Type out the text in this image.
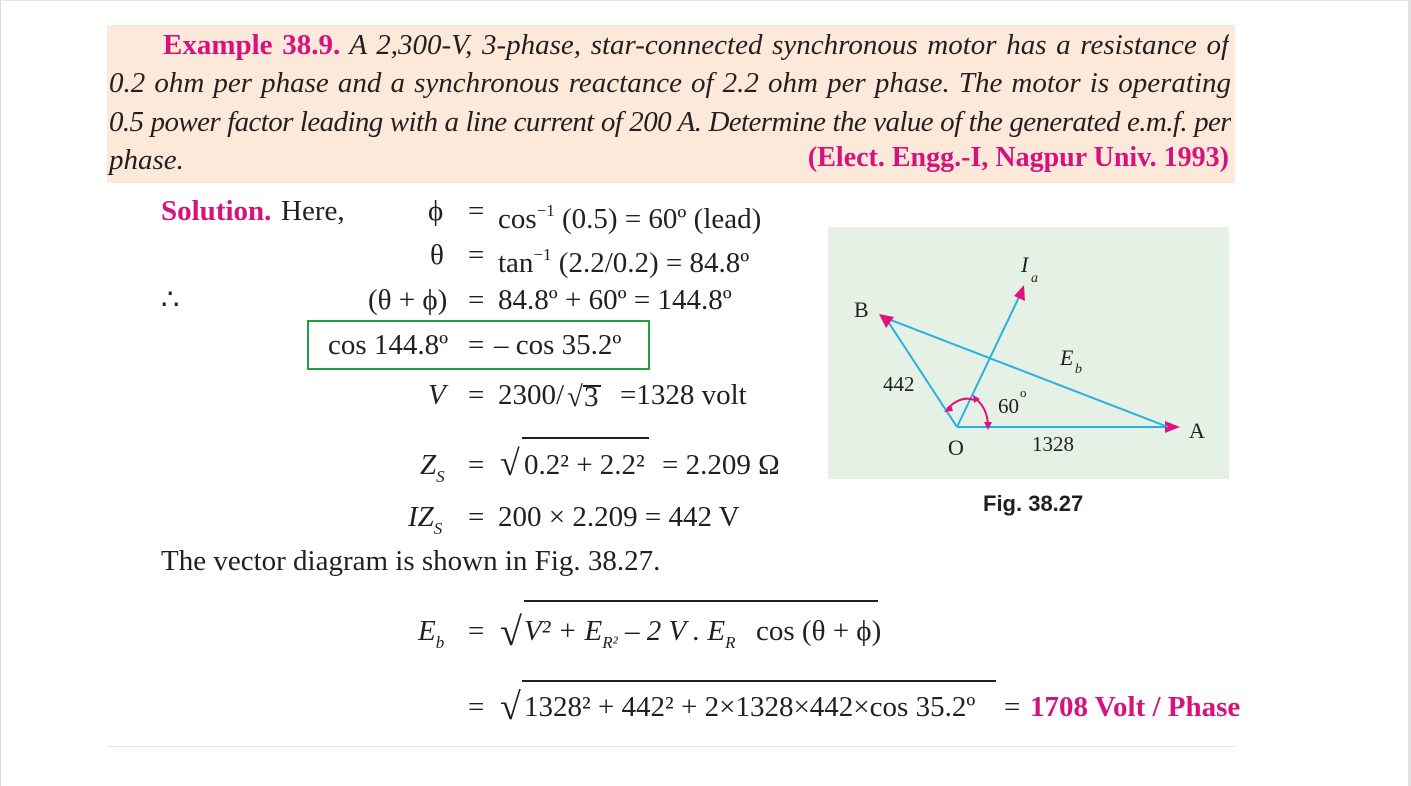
Example 38.9. A 2,300-V, 3-phase, star-connected synchronous motor has a resistance of
0.2 ohm per phase and a synchronous reactance of 2.2 ohm per phase. The motor is operating
0.5 power factor leading with a line current of 200 A. Determine the value of the generated e.m.f. per
phase.	(Elect. Engg.-I, Nagpur Univ. 1993)
Solution. Here,	$\phi = \cos^{-1} (0.5)$ = 60º (lead)
$\theta = \tan^{-1} (2.2/0.2)$ = 84.8º
∴	(θ + ϕ) = 84.8º + 60º = 144.8º
cos 144.8º = – cos 35.2º
V = 2300/ √ 3 =1328 volt
$Z_S$ = √ 0.2² + 2.2² = 2.209 Ω
$IZ_S = 200 \times 2.209 = 442$ V
The vector diagram is shown in Fig. 38.27.
$E_b$ = √ $V^2 + E_{R^2} - 2$ V . $E_R$ cos (θ + ϕ)
= √ 1328² + 442² + 2×1328×442×cos 35.2º = 1708 Volt / Phase
B
A
O
I
a
E b
442
60
o
1328
Fig. 38.27
